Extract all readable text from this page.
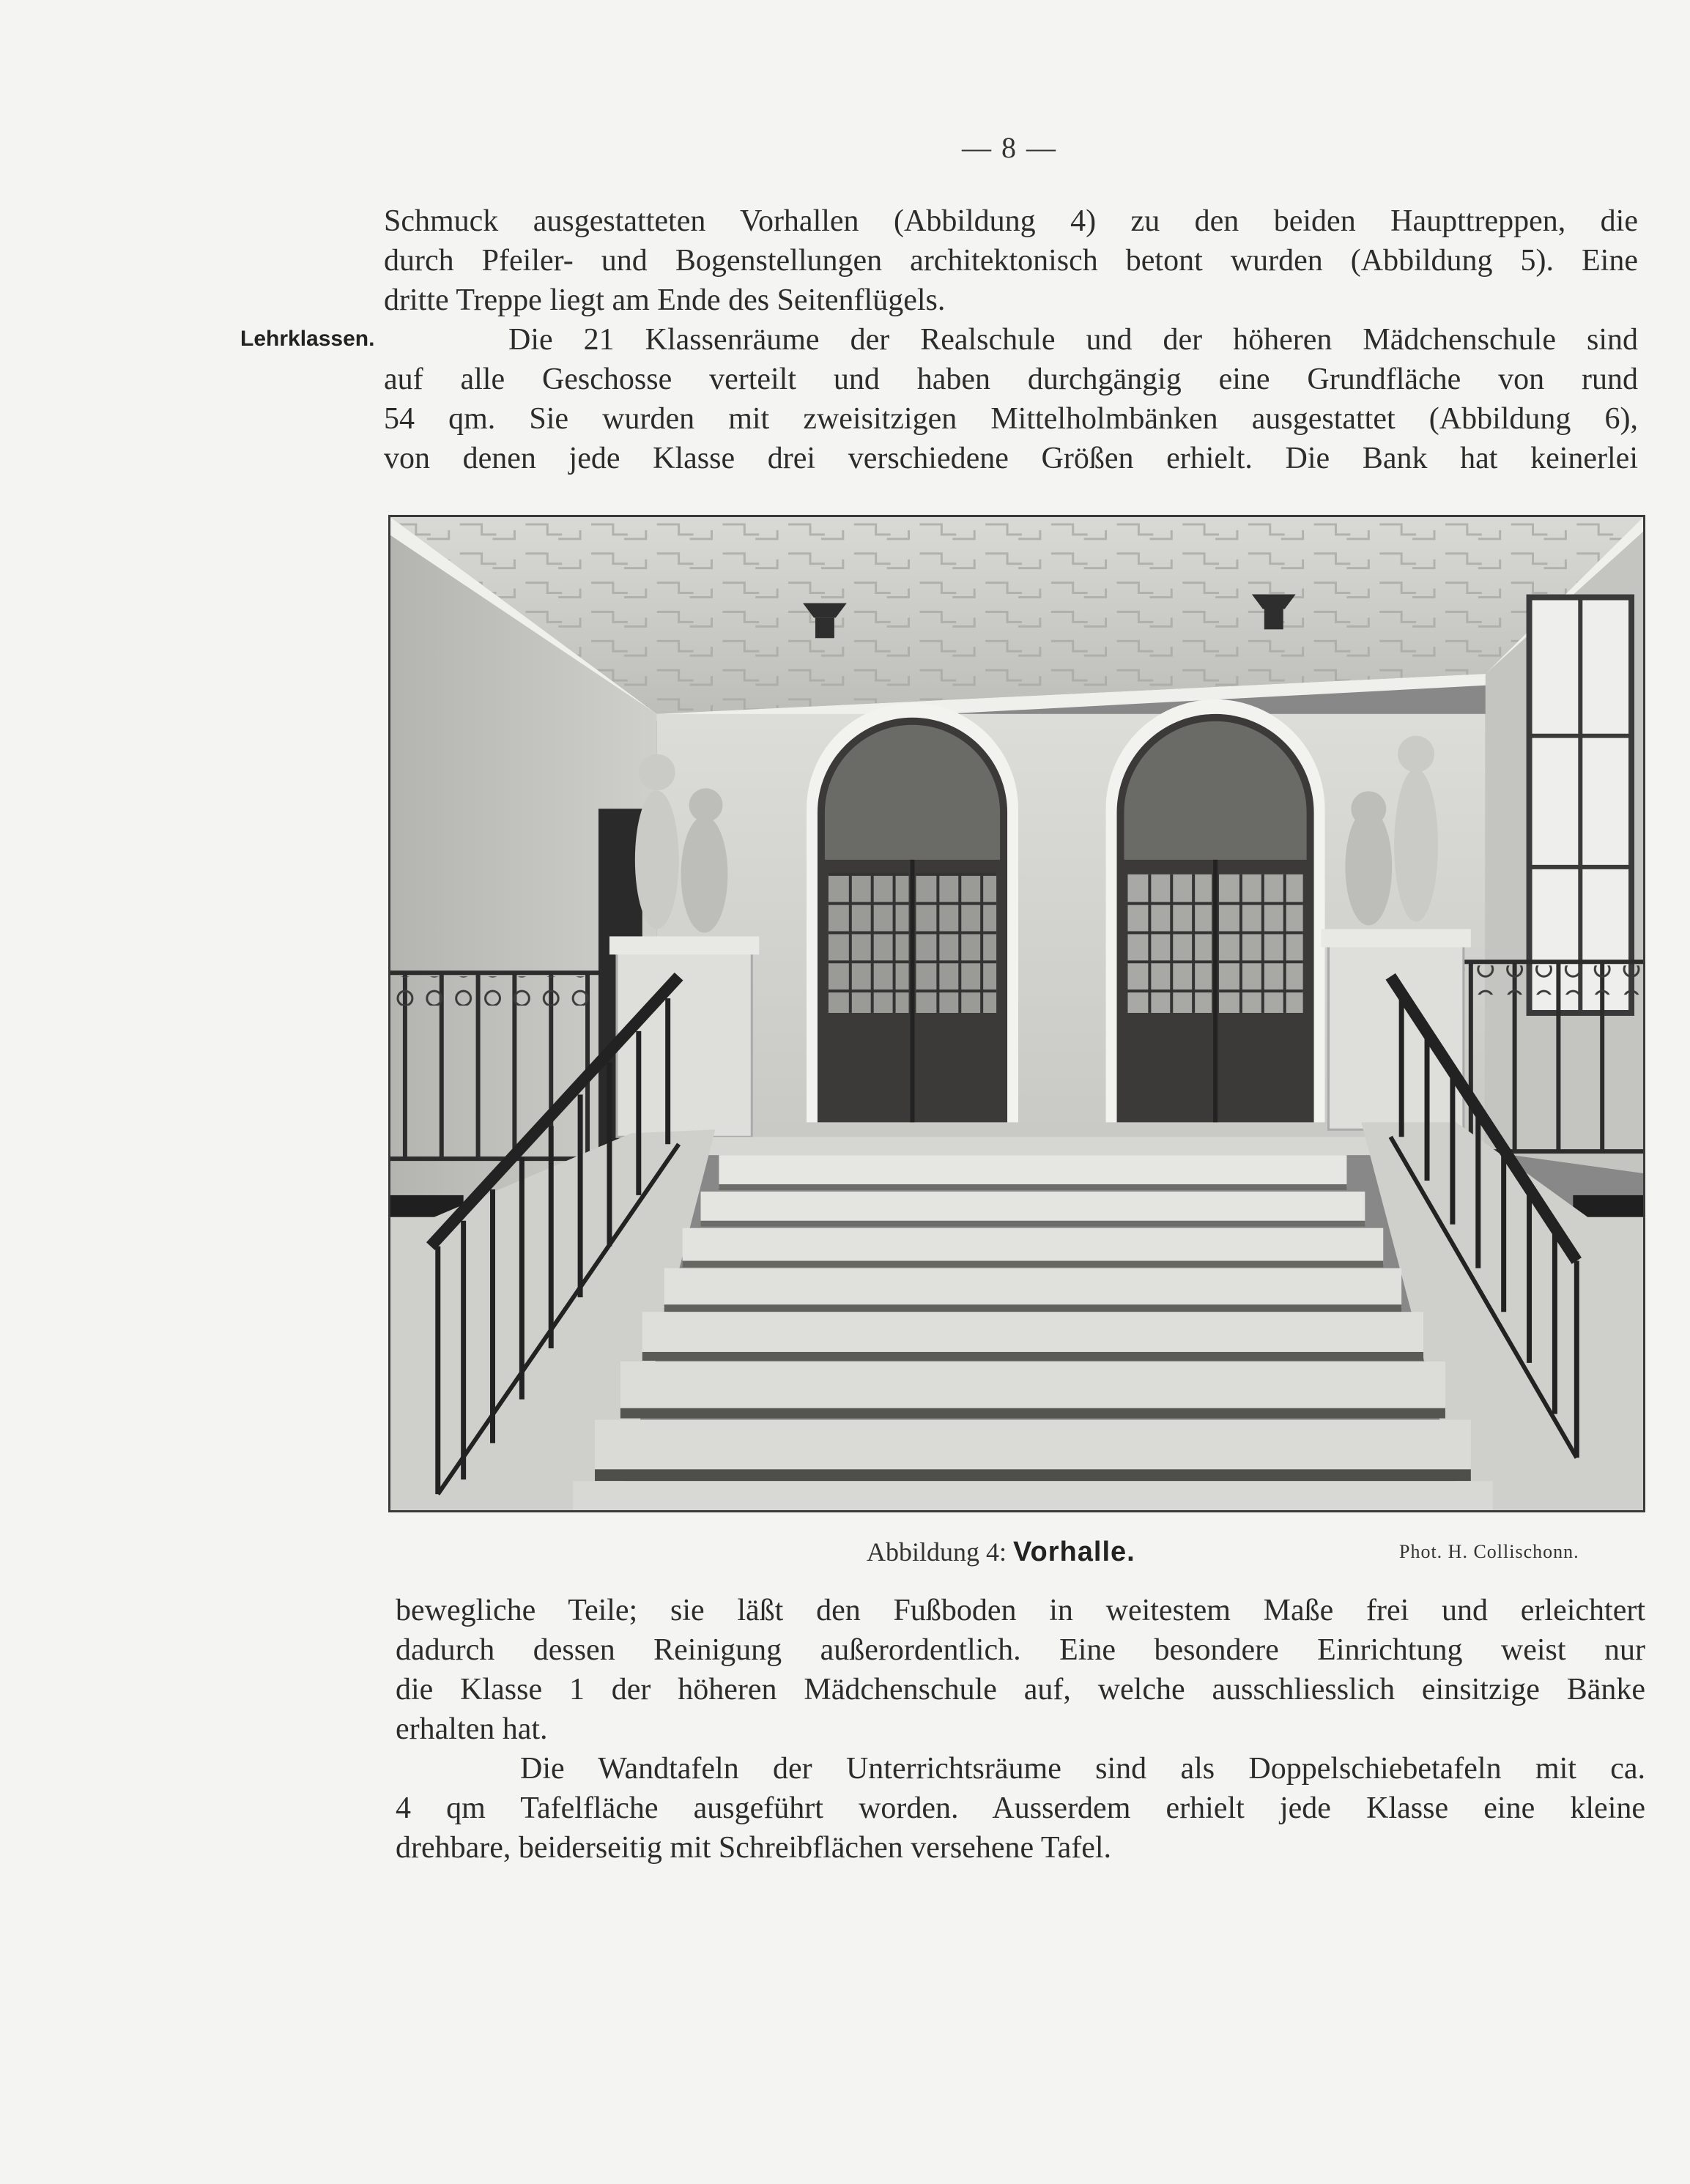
— 8 —
Lehrklassen.
Schmuck ausgestatteten Vorhallen (Abbildung 4) zu den beiden Haupttreppen, die
durch Pfeiler- und Bogenstellungen architektonisch betont wurden (Abbildung 5). Eine
dritte Treppe liegt am Ende des Seitenflügels.
Die 21 Klassenräume der Realschule und der höheren Mädchenschule sind
auf alle Geschosse verteilt und haben durchgängig eine Grundfläche von rund
54 qm. Sie wurden mit zweisitzigen Mittelholmbänken ausgestattet (Abbildung 6),
von denen jede Klasse drei verschiedene Größen erhielt. Die Bank hat keinerlei
Abbildung 4: Vorhalle.	Phot. H. Collischonn.
bewegliche Teile; sie läßt den Fußboden in weitestem Maße frei und erleichtert
dadurch dessen Reinigung außerordentlich. Eine besondere Einrichtung weist nur
die Klasse 1 der höheren Mädchenschule auf, welche ausschliesslich einsitzige Bänke
erhalten hat.
Die Wandtafeln der Unterrichtsräume sind als Doppelschiebetafeln mit ca.
4 qm Tafelfläche ausgeführt worden. Ausserdem erhielt jede Klasse eine kleine
drehbare, beiderseitig mit Schreibflächen versehene Tafel.
